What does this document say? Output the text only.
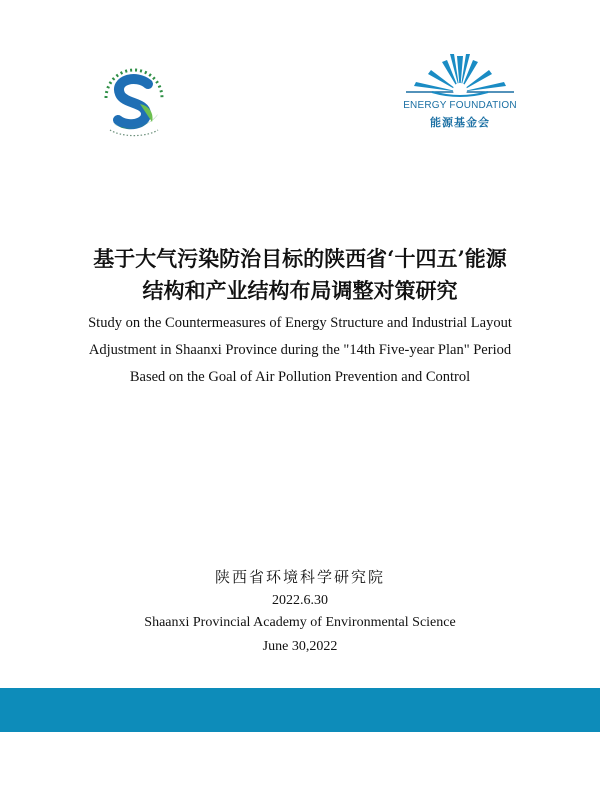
ENERGY FOUNDATION
能源基金会
基于大气污染防治目标的陕西省‘十四五’能源
结构和产业结构布局调整对策研究
Study on the Countermeasures of Energy Structure and Industrial Layout
Adjustment in Shaanxi Province during the "14th Five-year Plan" Period
Based on the Goal of Air Pollution Prevention and Control
陕西省环境科学研究院
2022.6.30
Shaanxi Provincial Academy of Environmental Science
June 30,2022
